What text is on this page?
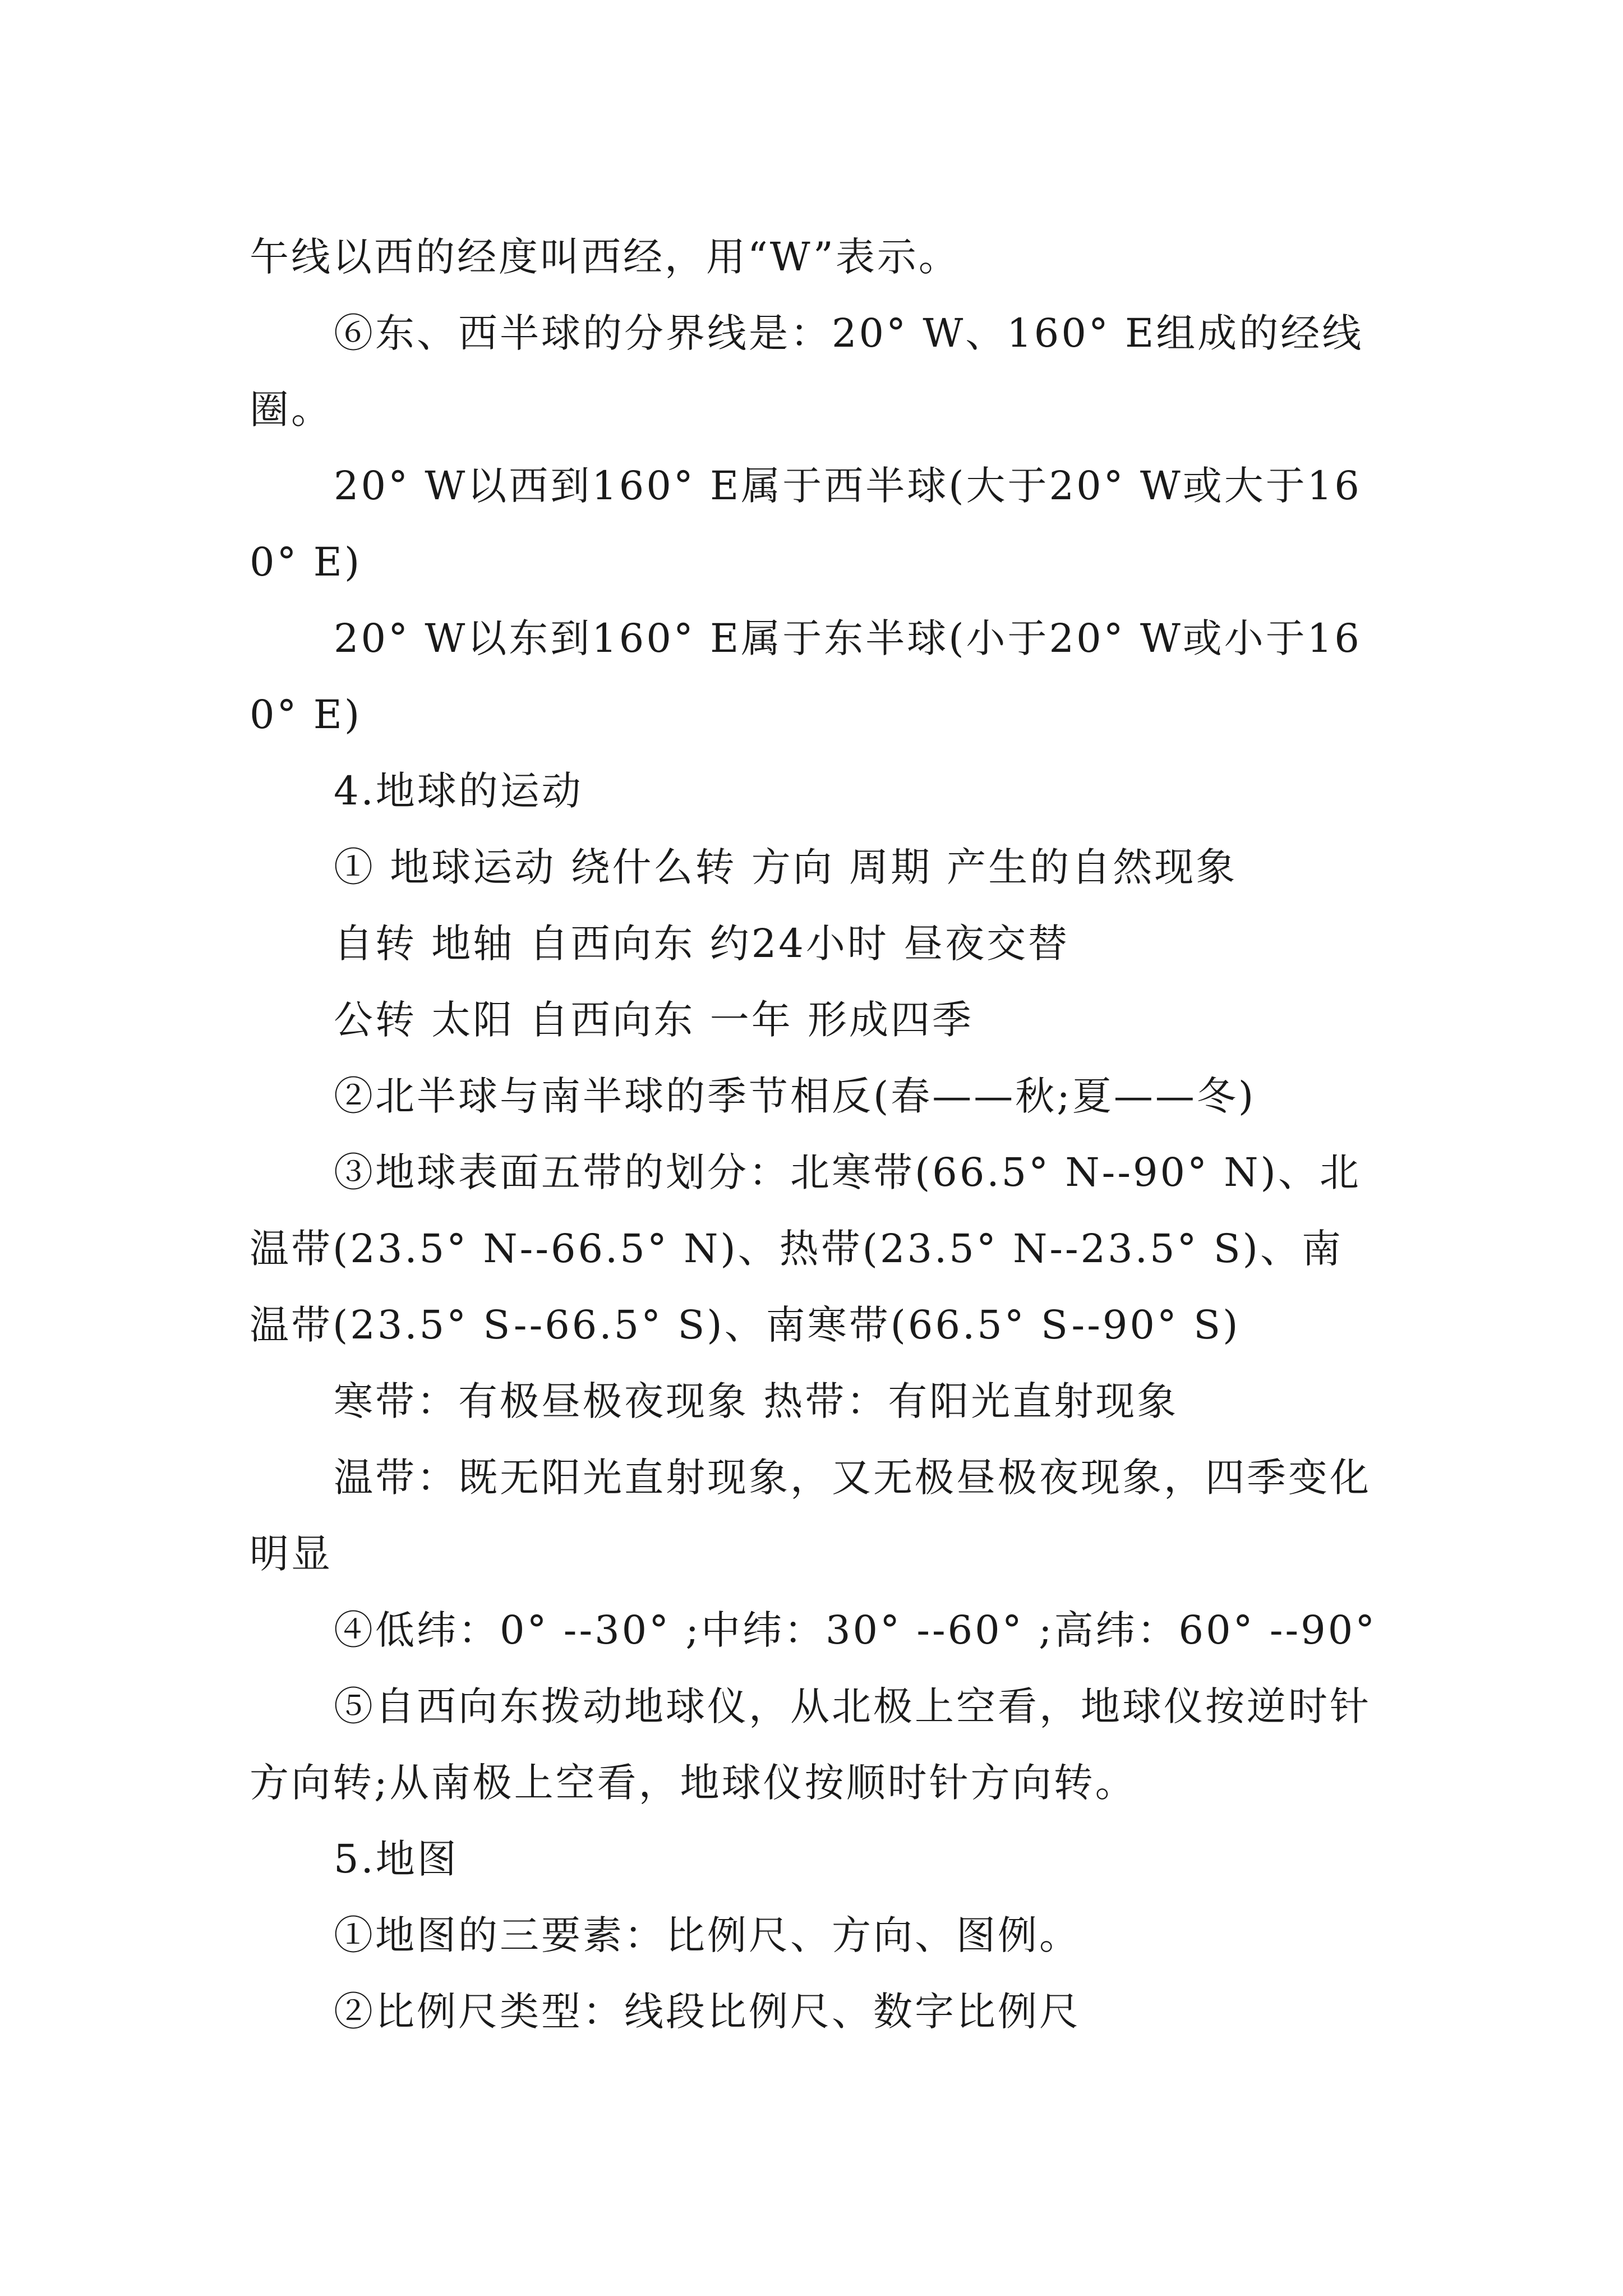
午线以西的经度叫西经，用“W”表示。

⑥东、西半球的分界线是：20° W、160° E组成的经线圈。

20° W以西到160° E属于西半球(大于20° W或大于160° E)

20° W以东到160° E属于东半球(小于20° W或小于160° E)

4.地球的运动

① 地球运动 绕什么转 方向 周期 产生的自然现象

自转 地轴 自西向东 约24小时 昼夜交替

公转 太阳 自西向东 一年 形成四季

②北半球与南半球的季节相反(春——秋;夏——冬)

③地球表面五带的划分：北寒带(66.5° N--90° N)、北温带(23.5° N--66.5° N)、热带(23.5° N--23.5° S)、南温带(23.5° S--66.5° S)、南寒带(66.5° S--90° S)

寒带：有极昼极夜现象 热带：有阳光直射现象

温带：既无阳光直射现象，又无极昼极夜现象，四季变化明显

④低纬：0° --30° ;中纬：30° --60° ;高纬：60° --90°

⑤自西向东拨动地球仪，从北极上空看，地球仪按逆时针方向转;从南极上空看，地球仪按顺时针方向转。

5.地图

①地图的三要素：比例尺、方向、图例。

②比例尺类型：线段比例尺、数字比例尺
